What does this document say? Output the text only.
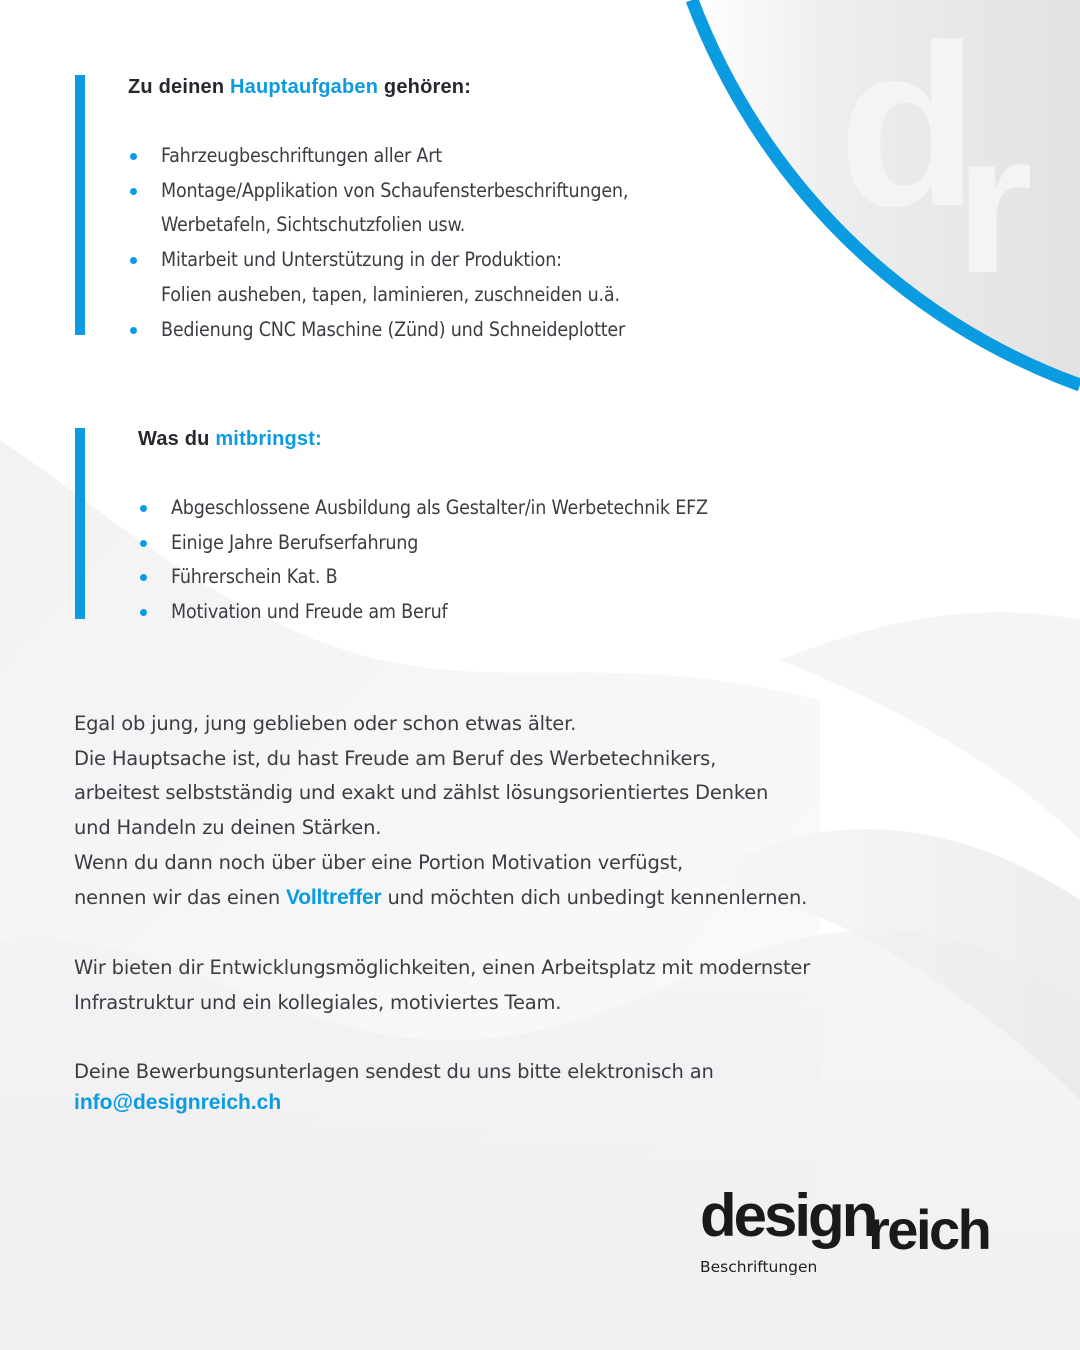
d
r
Zu deinen Hauptaufgaben gehören:
Fahrzeugbeschriftungen aller Art
Montage/Applikation von Schaufensterbeschriftungen,
Werbetafeln, Sichtschutzfolien usw.
Mitarbeit und Unterstützung in der Produktion:
Folien ausheben, tapen, laminieren, zuschneiden u.ä.
Bedienung CNC Maschine (Zünd) und Schneideplotter
Was du mitbringst:
Abgeschlossene Ausbildung als Gestalter/in Werbetechnik EFZ
Einige Jahre Berufserfahrung
Führerschein Kat. B
Motivation und Freude am Beruf
Egal ob jung, jung geblieben oder schon etwas älter.
Die Hauptsache ist, du hast Freude am Beruf des Werbetechnikers,
arbeitest selbstständig und exakt und zählst lösungsorientiertes Denken
und Handeln zu deinen Stärken.
Wenn du dann noch über über eine Portion Motivation verfügst,
nennen wir das einen Volltreffer und möchten dich unbedingt kennenlernen.
Wir bieten dir Entwicklungsmöglichkeiten, einen Arbeitsplatz mit modernster
Infrastruktur und ein kollegiales, motiviertes Team.
Deine Bewerbungsunterlagen sendest du uns bitte elektronisch an
info@designreich.ch
design
reich
Beschriftungen
